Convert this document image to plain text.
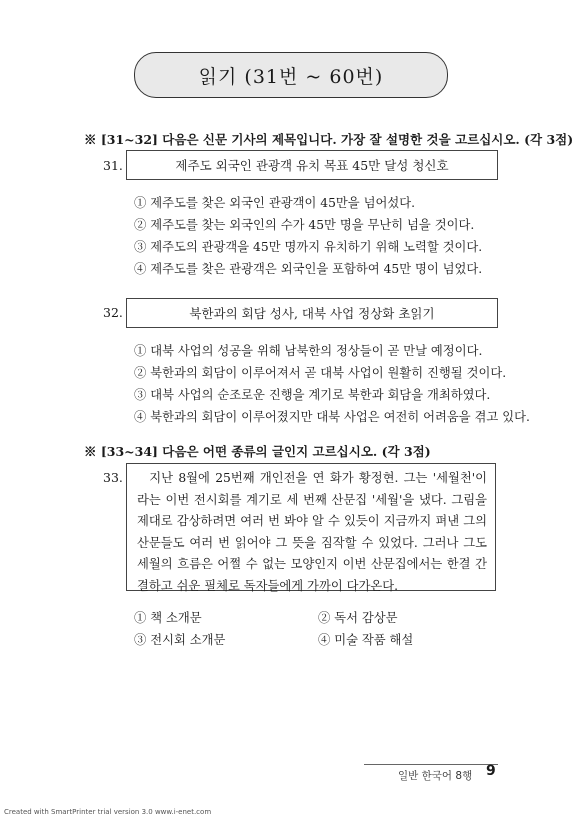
읽기 (31번 ~ 60번)
※ [31~32] 다음은 신문 기사의 제목입니다. 가장 잘 설명한 것을 고르십시오. (각 3점)
31.	제주도 외국인 관광객 유치 목표 45만 달성 청신호
① 제주도를 찾은 외국인 관광객이 45만을 넘어섰다.
② 제주도를 찾는 외국인의 수가 45만 명을 무난히 넘을 것이다.
③ 제주도의 관광객을 45만 명까지 유치하기 위해 노력할 것이다.
④ 제주도를 찾은 관광객은 외국인을 포함하여 45만 명이 넘었다.
32.	북한과의 회담 성사, 대북 사업 정상화 초읽기
① 대북 사업의 성공을 위해 남북한의 정상들이 곧 만날 예정이다.
② 북한과의 회담이 이루어져서 곧 대북 사업이 원활히 진행될 것이다.
③ 대북 사업의 순조로운 진행을 계기로 북한과 회담을 개최하였다.
④ 북한과의 회담이 이루어졌지만 대북 사업은 여전히 어려움을 겪고 있다.
※ [33~34] 다음은 어떤 종류의 글인지 고르십시오. (각 3점)
33.	지난 8월에 25번째 개인전을 연 화가 황정현. 그는 '세월천'이라는 이번 전시회를 계기로 세 번째 산문집 '세월'을 냈다. 그림을 제대로 감상하려면 여러 번 봐야 알 수 있듯이 지금까지 펴낸 그의 산문들도 여러 번 읽어야 그 뜻을 짐작할 수 있었다. 그러나 그도 세월의 흐름은 어쩔 수 없는 모양인지 이번 산문집에서는 한결 간결하고 쉬운 필체로 독자들에게 가까이 다가온다.

① 책 소개문	② 독서 감상문
③ 전시회 소개문	④ 미술 작품 해설
일반 한국어 8행 9
Created with SmartPrinter trial version 3.0 www.i-enet.com
